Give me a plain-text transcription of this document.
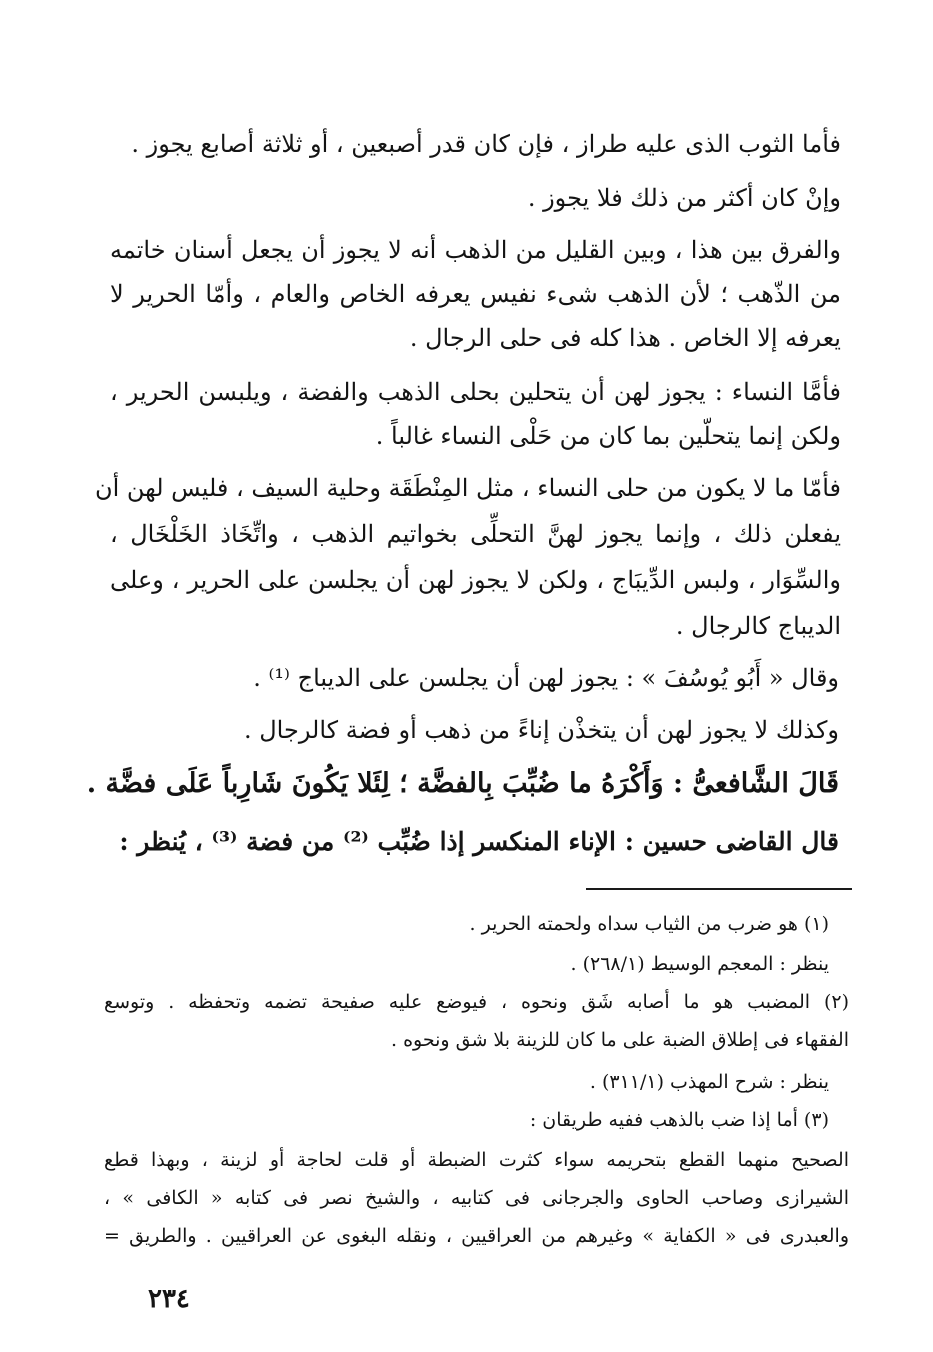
فأما الثوب الذى عليه طراز ، فإن كان قدر أصبعين ، أو ثلاثة أصابع يجوز .
وإنْ كان أكثر من ذلك فلا يجوز .
والفرق بين هذا ، وبين القليل من الذهب أنه لا يجوز أن يجعل أسنان خاتمه
من الذّهب ؛ لأن الذهب شىء نفيس يعرفه الخاص والعام ، وأمّا الحرير لا
يعرفه إلا الخاص . هذا كله فى حلى الرجال .
فأمَّا النساء : يجوز لهن أن يتحلين بحلى الذهب والفضة ، ويلبسن الحرير ،
ولكن إنما يتحلّين بما كان من حَلْى النساء غالباً .
فأمّا ما لا يكون من حلى النساء ، مثل المِنْطَقَة وحلية السيف ، فليس لهن أن
يفعلن ذلك ، وإنما يجوز لهنَّ التحلِّى بخواتيم الذهب ، واتِّخَاذ الخَلْخَال ،
والسِّوَار ، ولبس الدِّيبَاج ، ولكن لا يجوز لهن أن يجلسن على الحرير ، وعلى
الديباج كالرجال .
وقال « أَبُو يُوسُفَ » : يجوز لهن أن يجلسن على الديباج ⁽¹⁾ .
وكذلك لا يجوز لهن أن يتخذْن إناءً من ذهب أو فضة كالرجال .
قَالَ الشَّافعىُّ : وَأَكْرَهُ ما ضُبِّبَ بِالفضَّة ؛ لِئَلا يَكُونَ شَارِباً عَلَى فضَّة .
قال القاضى حسين : الإناء المنكسر إذا ضُبِّب ⁽²⁾ من فضة ⁽³⁾ ، يُنظر :
(١) هو ضرب من الثياب سداه ولحمته الحرير .
ينظر : المعجم الوسيط (٢٦٨/١) .
(٢) المضبب هو ما أصابه شَق ونحوه ، فيوضع عليه صفيحة تضمه وتحفظه . وتوسع
الفقهاء فى إطلاق الضبة على ما كان للزينة بلا شق ونحوه .
ينظر : شرح المهذب (٣١١/١) .
(٣) أما إذا ضب بالذهب ففيه طريقان :
الصحيح منهما القطع بتحريمه سواء كثرت الضبطة أو قلت لحاجة أو لزينة ، وبهذا قطع
الشيرازى وصاحب الحاوى والجرجانى فى كتابيه ، والشيخ نصر فى كتابه « الكافى » ،
والعبدرى فى « الكفاية » وغيرهم من العراقيين ، ونقله البغوى عن العراقيين . والطريق =
٢٣٤
